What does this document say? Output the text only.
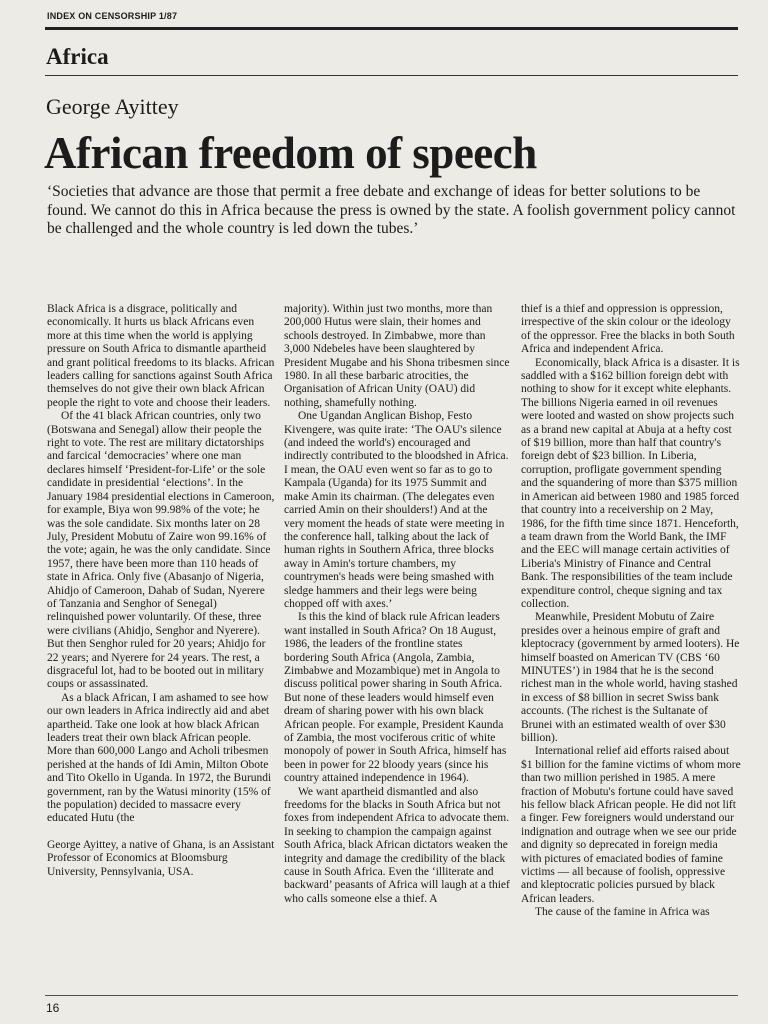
INDEX ON CENSORSHIP 1/87
Africa
George Ayittey
African freedom of speech
‘Societies that advance are those that permit a free debate and exchange of ideas for better solutions to be found. We cannot do this in Africa because the press is owned by the state. A foolish government policy cannot be challenged and the whole country is led down the tubes.’

Black Africa is a disgrace, politically and economically. It hurts us black Africans even more at this time when the world is applying pressure on South Africa to dismantle apartheid and grant political freedoms to its blacks. African leaders calling for sanctions against South Africa themselves do not give their own black African people the right to vote and choose their leaders.

Of the 41 black African countries, only two (Botswana and Senegal) allow their people the right to vote. The rest are military dictatorships and farcical ‘democracies’ where one man declares himself ‘President-for-Life’ or the sole candidate in presidential ‘elections’. In the January 1984 presidential elections in Cameroon, for example, Biya won 99.98% of the vote; he was the sole candidate. Six months later on 28 July, President Mobutu of Zaire won 99.16% of the vote; again, he was the only candidate. Since 1957, there have been more than 110 heads of state in Africa. Only five (Abasanjo of Nigeria, Ahidjo of Cameroon, Dahab of Sudan, Nyerere of Tanzania and Senghor of Senegal) relinquished power voluntarily. Of these, three were civilians (Ahidjo, Senghor and Nyerere). But then Senghor ruled for 20 years; Ahidjo for 22 years; and Nyerere for 24 years. The rest, a disgraceful lot, had to be booted out in military coups or assassinated.

As a black African, I am ashamed to see how our own leaders in Africa indirectly aid and abet apartheid. Take one look at how black African leaders treat their own black African people. More than 600,000 Lango and Acholi tribesmen perished at the hands of Idi Amin, Milton Obote and Tito Okello in Uganda. In 1972, the Burundi government, ran by the Watusi minority (15% of the population) decided to massacre every educated Hutu (the

George Ayittey, a native of Ghana, is an Assistant Professor of Economics at Bloomsburg University, Pennsylvania, USA.

majority). Within just two months, more than 200,000 Hutus were slain, their homes and schools destroyed. In Zimbabwe, more than 3,000 Ndebeles have been slaughtered by President Mugabe and his Shona tribesmen since 1980. In all these barbaric atrocities, the Organisation of African Unity (OAU) did nothing, shamefully nothing.

One Ugandan Anglican Bishop, Festo Kivengere, was quite irate: ‘The OAU's silence (and indeed the world's) encouraged and indirectly contributed to the bloodshed in Africa. I mean, the OAU even went so far as to go to Kampala (Uganda) for its 1975 Summit and make Amin its chairman. (The delegates even carried Amin on their shoulders!) And at the very moment the heads of state were meeting in the conference hall, talking about the lack of human rights in Southern Africa, three blocks away in Amin's torture chambers, my countrymen's heads were being smashed with sledge hammers and their legs were being chopped off with axes.’

Is this the kind of black rule African leaders want installed in South Africa? On 18 August, 1986, the leaders of the frontline states bordering South Africa (Angola, Zambia, Zimbabwe and Mozambique) met in Angola to discuss political power sharing in South Africa. But none of these leaders would himself even dream of sharing power with his own black African people. For example, President Kaunda of Zambia, the most vociferous critic of white monopoly of power in South Africa, himself has been in power for 22 bloody years (since his country attained independence in 1964).

We want apartheid dismantled and also freedoms for the blacks in South Africa but not foxes from independent Africa to advocate them. In seeking to champion the campaign against South Africa, black African dictators weaken the integrity and damage the credibility of the black cause in South Africa. Even the ‘illiterate and backward’ peasants of Africa will laugh at a thief who calls someone else a thief. A

thief is a thief and oppression is oppression, irrespective of the skin colour or the ideology of the oppressor. Free the blacks in both South Africa and independent Africa.

Economically, black Africa is a disaster. It is saddled with a $162 billion foreign debt with nothing to show for it except white elephants. The billions Nigeria earned in oil revenues were looted and wasted on show projects such as a brand new capital at Abuja at a hefty cost of $19 billion, more than half that country's foreign debt of $23 billion. In Liberia, corruption, profligate government spending and the squandering of more than $375 million in American aid between 1980 and 1985 forced that country into a receivership on 2 May, 1986, for the fifth time since 1871. Henceforth, a team drawn from the World Bank, the IMF and the EEC will manage certain activities of Liberia's Ministry of Finance and Central Bank. The responsibilities of the team include expenditure control, cheque signing and tax collection.

Meanwhile, President Mobutu of Zaire presides over a heinous empire of graft and kleptocracy (government by armed looters). He himself boasted on American TV (CBS ‘60 MINUTES’) in 1984 that he is the second richest man in the whole world, having stashed in excess of $8 billion in secret Swiss bank accounts. (The richest is the Sultanate of Brunei with an estimated wealth of over $30 billion).

International relief aid efforts raised about $1 billion for the famine victims of whom more than two million perished in 1985. A mere fraction of Mobutu's fortune could have saved his fellow black African people. He did not lift a finger. Few foreigners would understand our indignation and outrage when we see our pride and dignity so deprecated in foreign media with pictures of emaciated bodies of famine victims — all because of foolish, oppressive and kleptocratic policies pursued by black African leaders.

The cause of the famine in Africa was

16
